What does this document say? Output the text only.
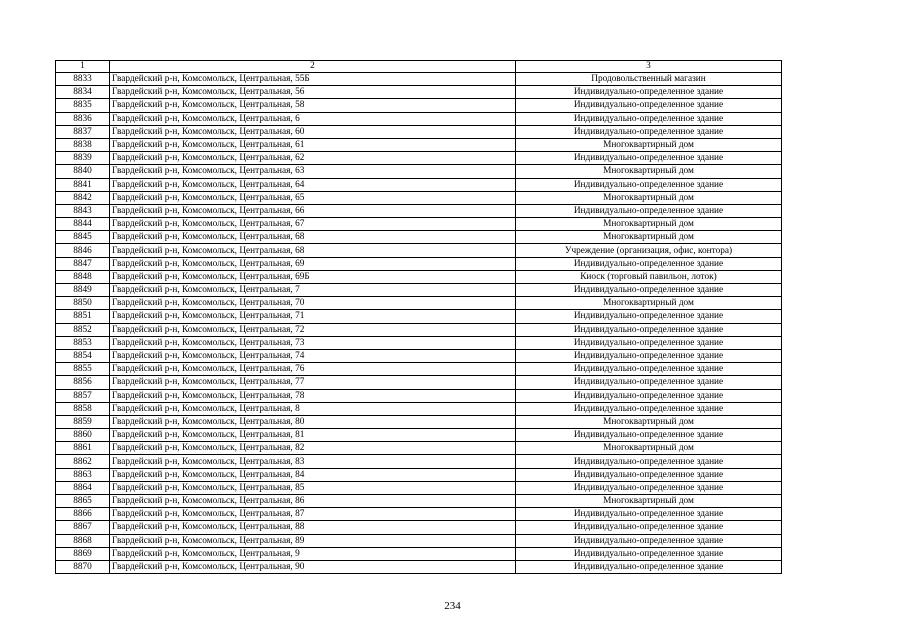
1	2	3
8833	Гвардейский р-н, Комсомольск, Центральная, 55Б	Продовольственный магазин
8834	Гвардейский р-н, Комсомольск, Центральная, 56	Индивидуально-определенное здание
8835	Гвардейский р-н, Комсомольск, Центральная, 58	Индивидуально-определенное здание
8836	Гвардейский р-н, Комсомольск, Центральная, 6	Индивидуально-определенное здание
8837	Гвардейский р-н, Комсомольск, Центральная, 60	Индивидуально-определенное здание
8838	Гвардейский р-н, Комсомольск, Центральная, 61	Многоквартирный дом
8839	Гвардейский р-н, Комсомольск, Центральная, 62	Индивидуально-определенное здание
8840	Гвардейский р-н, Комсомольск, Центральная, 63	Многоквартирный дом
8841	Гвардейский р-н, Комсомольск, Центральная, 64	Индивидуально-определенное здание
8842	Гвардейский р-н, Комсомольск, Центральная, 65	Многоквартирный дом
8843	Гвардейский р-н, Комсомольск, Центральная, 66	Индивидуально-определенное здание
8844	Гвардейский р-н, Комсомольск, Центральная, 67	Многоквартирный дом
8845	Гвардейский р-н, Комсомольск, Центральная, 68	Многоквартирный дом
8846	Гвардейский р-н, Комсомольск, Центральная, 68	Учреждение (организация, офис, контора)
8847	Гвардейский р-н, Комсомольск, Центральная, 69	Индивидуально-определенное здание
8848	Гвардейский р-н, Комсомольск, Центральная, 69Б	Киоск (торговый павильон, лоток)
8849	Гвардейский р-н, Комсомольск, Центральная, 7	Индивидуально-определенное здание
8850	Гвардейский р-н, Комсомольск, Центральная, 70	Многоквартирный дом
8851	Гвардейский р-н, Комсомольск, Центральная, 71	Индивидуально-определенное здание
8852	Гвардейский р-н, Комсомольск, Центральная, 72	Индивидуально-определенное здание
8853	Гвардейский р-н, Комсомольск, Центральная, 73	Индивидуально-определенное здание
8854	Гвардейский р-н, Комсомольск, Центральная, 74	Индивидуально-определенное здание
8855	Гвардейский р-н, Комсомольск, Центральная, 76	Индивидуально-определенное здание
8856	Гвардейский р-н, Комсомольск, Центральная, 77	Индивидуально-определенное здание
8857	Гвардейский р-н, Комсомольск, Центральная, 78	Индивидуально-определенное здание
8858	Гвардейский р-н, Комсомольск, Центральная, 8	Индивидуально-определенное здание
8859	Гвардейский р-н, Комсомольск, Центральная, 80	Многоквартирный дом
8860	Гвардейский р-н, Комсомольск, Центральная, 81	Индивидуально-определенное здание
8861	Гвардейский р-н, Комсомольск, Центральная, 82	Многоквартирный дом
8862	Гвардейский р-н, Комсомольск, Центральная, 83	Индивидуально-определенное здание
8863	Гвардейский р-н, Комсомольск, Центральная, 84	Индивидуально-определенное здание
8864	Гвардейский р-н, Комсомольск, Центральная, 85	Индивидуально-определенное здание
8865	Гвардейский р-н, Комсомольск, Центральная, 86	Многоквартирный дом
8866	Гвардейский р-н, Комсомольск, Центральная, 87	Индивидуально-определенное здание
8867	Гвардейский р-н, Комсомольск, Центральная, 88	Индивидуально-определенное здание
8868	Гвардейский р-н, Комсомольск, Центральная, 89	Индивидуально-определенное здание
8869	Гвардейский р-н, Комсомольск, Центральная, 9	Индивидуально-определенное здание
8870	Гвардейский р-н, Комсомольск, Центральная, 90	Индивидуально-определенное здание
234
